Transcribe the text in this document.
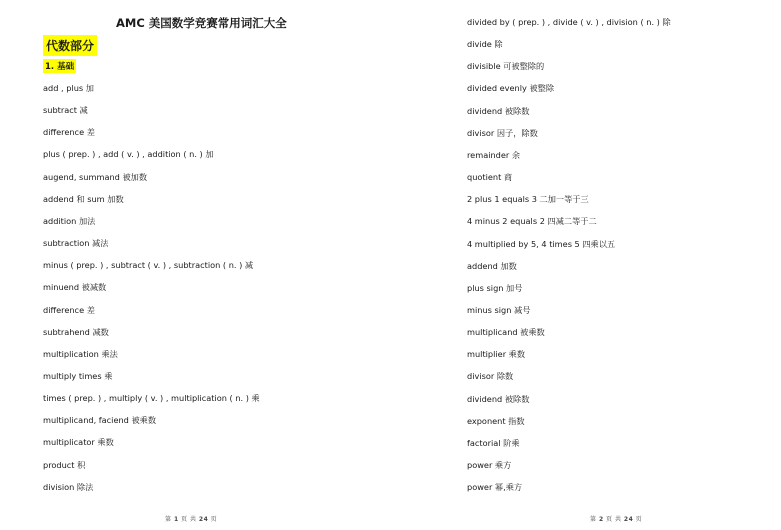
AMC 美国数学竞赛常用词汇大全
代数部分
1. 基础
add , plus 加
subtract 减
difference 差
plus ( prep. ) , add ( v. ) , addition ( n. ) 加
augend, summand 被加数
addend 和 sum 加数
addition 加法
subtraction 减法
minus ( prep. ) , subtract ( v. ) , subtraction ( n. ) 减
minuend 被减数
difference 差
subtrahend 减数
multiplication 乘法
multiply times 乘
times ( prep. ) , multiply ( v. ) , multiplication ( n. ) 乘
multiplicand, faciend 被乘数
multiplicator 乘数
product 积
division 除法
第 1 页 共 24 页
divided by ( prep. ) , divide ( v. ) , division ( n. ) 除
divide 除
divisible 可被整除的
divided evenly 被整除
dividend 被除数
divisor 因子，除数
remainder 余
quotient 商
2 plus 1 equals 3 二加一等于三
4 minus 2 equals 2 四减二等于二
4 multiplied by 5, 4 times 5 四乘以五
addend 加数
plus sign 加号
minus sign 减号
multiplicand 被乘数
multiplier 乘数
divisor 除数
dividend 被除数
exponent 指数
factorial 阶乘
power 乘方
power 幂,乘方
第 2 页 共 24 页
